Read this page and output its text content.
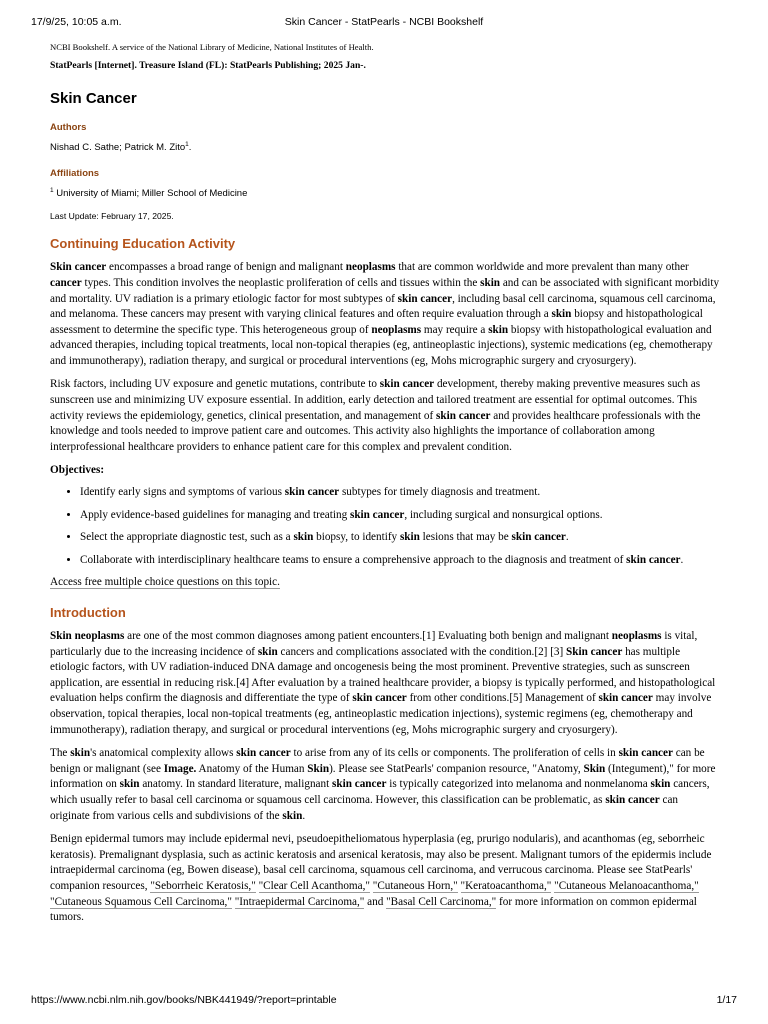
17/9/25, 10:05 a.m.	Skin Cancer - StatPearls - NCBI Bookshelf

NCBI Bookshelf. A service of the National Library of Medicine, National Institutes of Health.

StatPearls [Internet]. Treasure Island (FL): StatPearls Publishing; 2025 Jan-.

Skin Cancer
Authors

Nishad C. Sathe; Patrick M. Zito$^1$.

Affiliations

$^1$ University of Miami; Miller School of Medicine

Last Update: February 17, 2025.

Continuing Education Activity

Skin cancer encompasses a broad range of benign and malignant neoplasms that are common worldwide and more prevalent than many other cancer types. This condition involves the neoplastic proliferation of cells and tissues within the skin and can be associated with significant morbidity and mortality. UV radiation is a primary etiologic factor for most subtypes of skin cancer, including basal cell carcinoma, squamous cell carcinoma, and melanoma. These cancers may present with varying clinical features and often require evaluation through a skin biopsy and histopathological assessment to determine the specific type. This heterogeneous group of neoplasms may require a skin biopsy with histopathological evaluation and advanced therapies, including topical treatments, local non-topical therapies (eg, antineoplastic injections), systemic medications (eg, chemotherapy and immunotherapy), radiation therapy, and surgical or procedural interventions (eg, Mohs micrographic surgery and cryosurgery).

Risk factors, including UV exposure and genetic mutations, contribute to skin cancer development, thereby making preventive measures such as sunscreen use and minimizing UV exposure essential. In addition, early detection and tailored treatment are essential for optimal outcomes. This activity reviews the epidemiology, genetics, clinical presentation, and management of skin cancer and provides healthcare professionals with the knowledge and tools needed to improve patient care and outcomes. This activity also highlights the importance of collaboration among interprofessional healthcare providers to enhance patient care for this complex and prevalent condition.

Objectives:

• Identify early signs and symptoms of various skin cancer subtypes for timely diagnosis and treatment.
• Apply evidence-based guidelines for managing and treating skin cancer, including surgical and nonsurgical options.
• Select the appropriate diagnostic test, such as a skin biopsy, to identify skin lesions that may be skin cancer.
• Collaborate with interdisciplinary healthcare teams to ensure a comprehensive approach to the diagnosis and treatment of skin cancer.

Access free multiple choice questions on this topic.

Introduction

Skin neoplasms are one of the most common diagnoses among patient encounters.[1] Evaluating both benign and malignant neoplasms is vital, particularly due to the increasing incidence of skin cancers and complications associated with the condition.[2] [3] Skin cancer has multiple etiologic factors, with UV radiation-induced DNA damage and oncogenesis being the most prominent. Preventive strategies, such as sunscreen application, are essential in reducing risk.[4] After evaluation by a trained healthcare provider, a biopsy is typically performed, and histopathological evaluation helps confirm the diagnosis and differentiate the type of skin cancer from other conditions.[5] Management of skin cancer may involve observation, topical therapies, local non-topical treatments (eg, antineoplastic medication injections), systemic regimens (eg, chemotherapy and immunotherapy), radiation therapy, and surgical or procedural interventions (eg, Mohs micrographic surgery and cryosurgery).

The skin's anatomical complexity allows skin cancer to arise from any of its cells or components. The proliferation of cells in skin cancer can be benign or malignant (see Image. Anatomy of the Human Skin). Please see StatPearls' companion resource, "Anatomy, Skin (Integument)," for more information on skin anatomy. In standard literature, malignant skin cancer is typically categorized into melanoma and nonmelanoma skin cancers, which usually refer to basal cell carcinoma or squamous cell carcinoma. However, this classification can be problematic, as skin cancer can originate from various cells and subdivisions of the skin.

Benign epidermal tumors may include epidermal nevi, pseudoepitheliomatous hyperplasia (eg, prurigo nodularis), and acanthomas (eg, seborrheic keratosis). Premalignant dysplasia, such as actinic keratosis and arsenical keratosis, may also be present. Malignant tumors of the epidermis include intraepidermal carcinoma (eg, Bowen disease), basal cell carcinoma, squamous cell carcinoma, and verrucous carcinoma. Please see StatPearls' companion resources, "Seborrheic Keratosis," "Clear Cell Acanthoma," "Cutaneous Horn," "Keratoacanthoma," "Cutaneous Melanoacanthoma," "Cutaneous Squamous Cell Carcinoma," "Intraepidermal Carcinoma," and "Basal Cell Carcinoma," for more information on common epidermal tumors.

https://www.ncbi.nlm.nih.gov/books/NBK441949/?report=printable	1/17
